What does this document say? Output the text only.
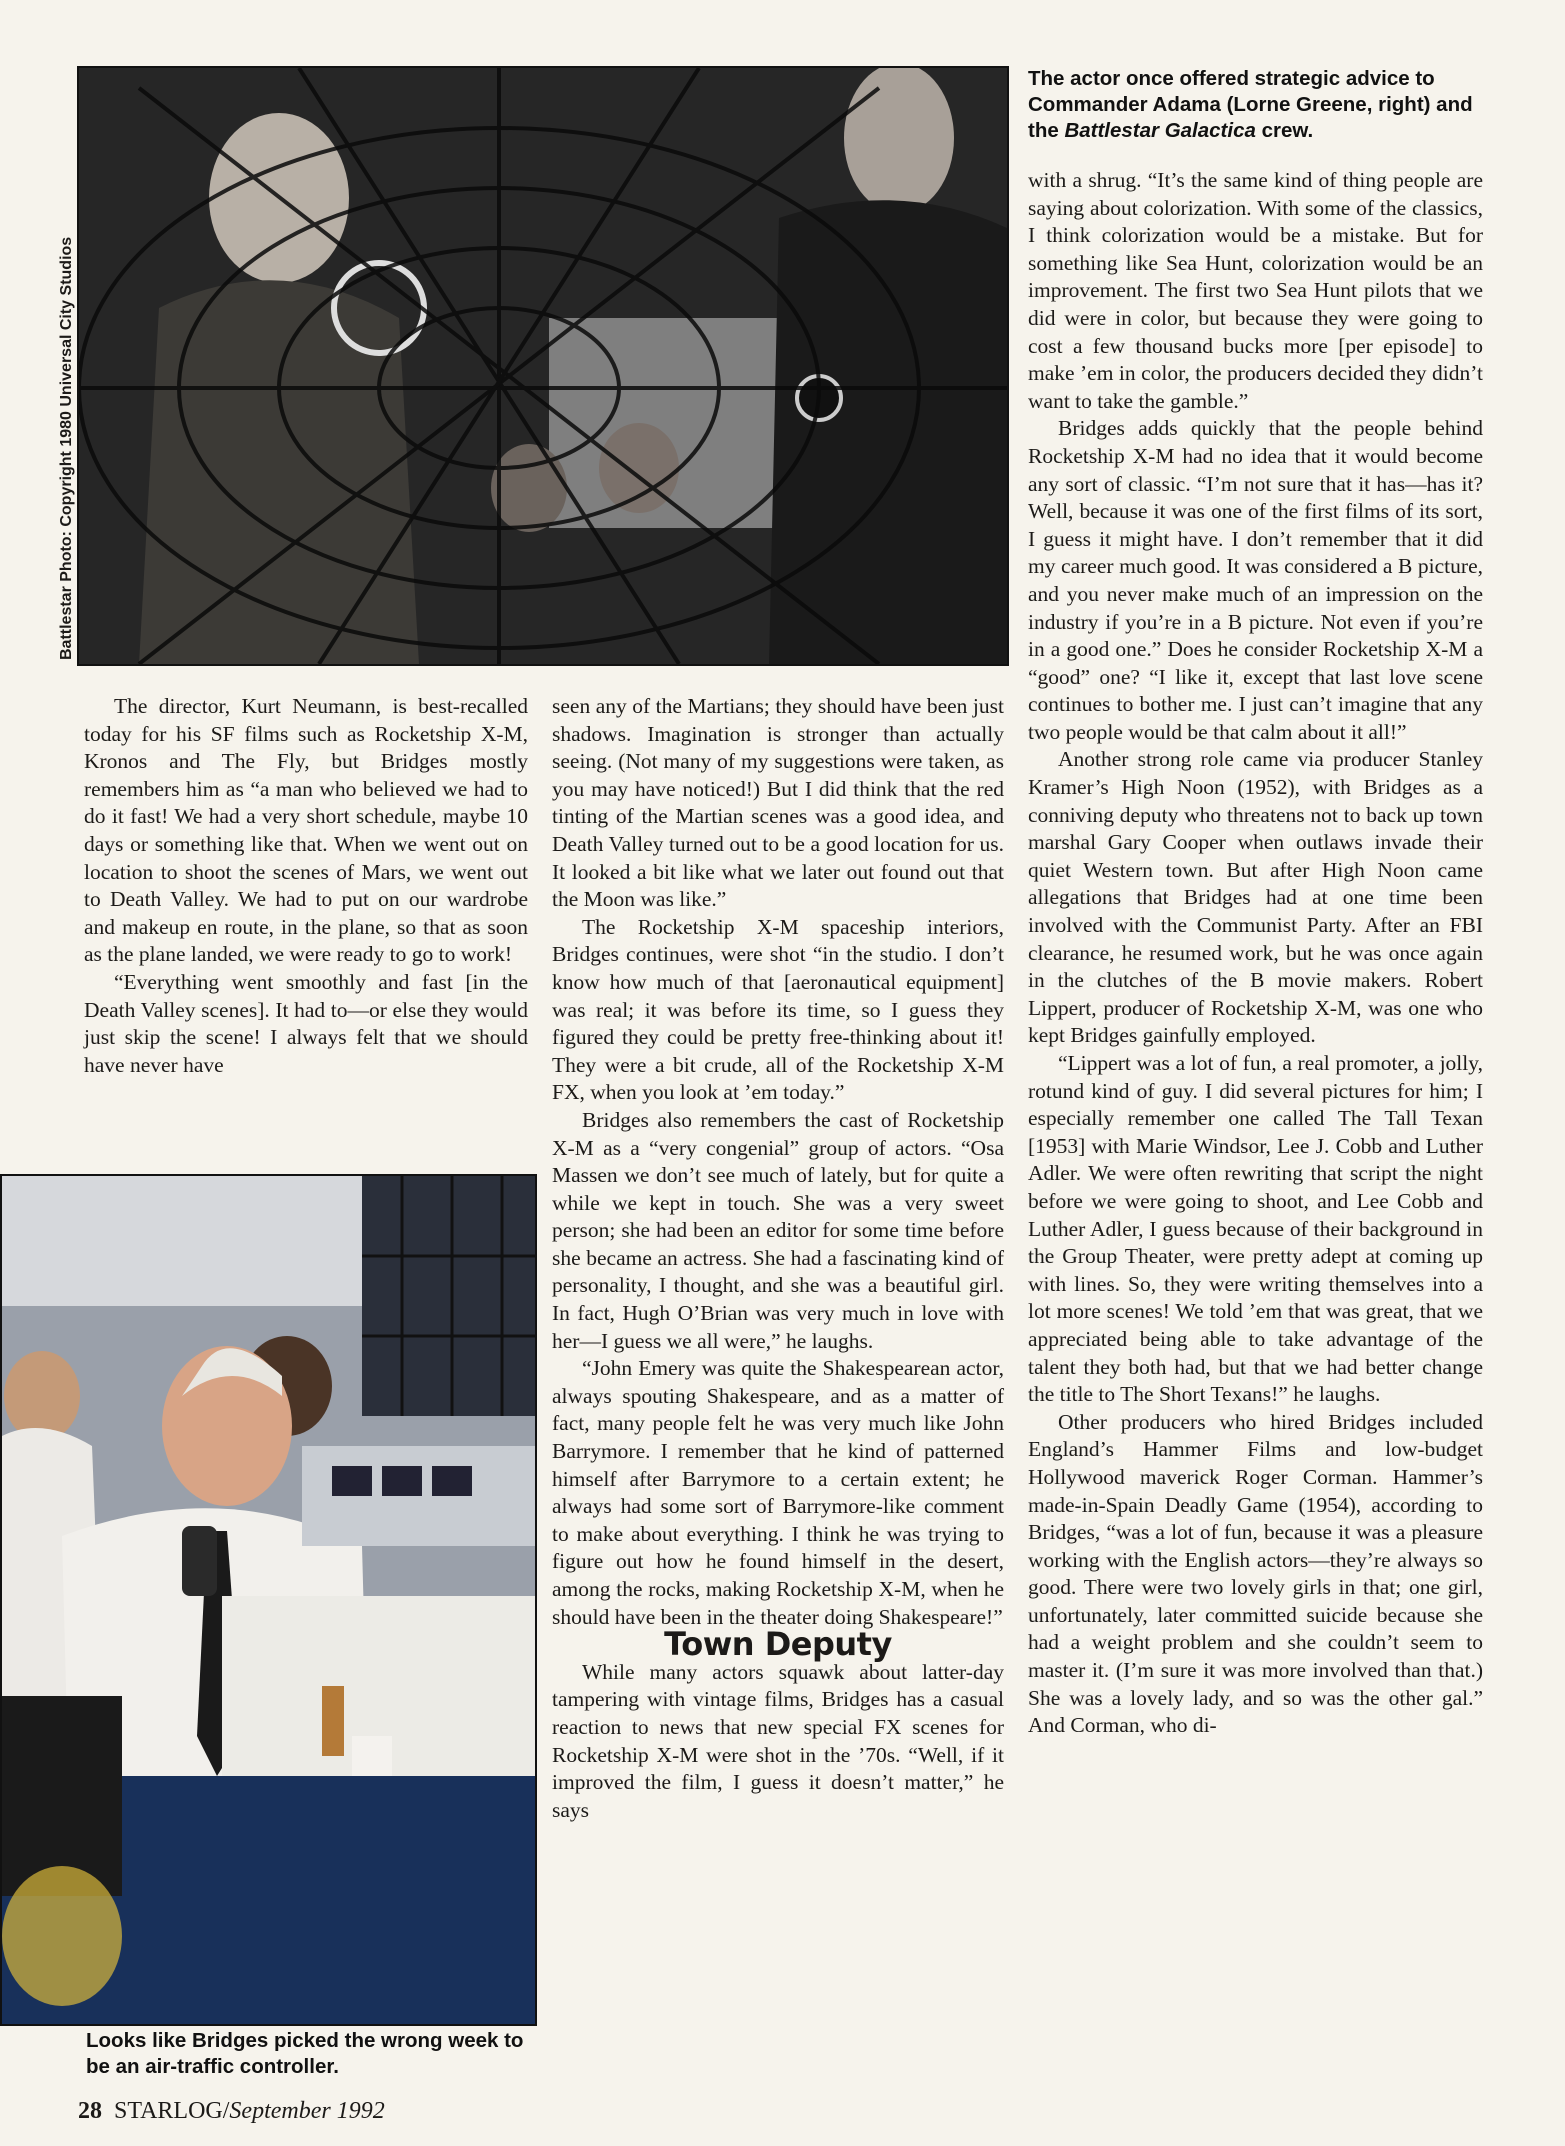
Battlestar Photo: Copyright 1980 Universal City Studios
The actor once offered strategic advice to Commander Adama (Lorne Greene, right) and the Battlestar Galactica crew.
Looks like Bridges picked the wrong week to be an air-traffic controller.

The director, Kurt Neumann, is best-recalled today for his SF films such as Rocketship X-M, Kronos and The Fly, but Bridges mostly remembers him as “a man who believed we had to do it fast! We had a very short schedule, maybe 10 days or something like that. When we went out on location to shoot the scenes of Mars, we went out to Death Valley. We had to put on our wardrobe and makeup en route, in the plane, so that as soon as the plane landed, we were ready to go to work!

“Everything went smoothly and fast [in the Death Valley scenes]. It had to—or else they would just skip the scene! I always felt that we should have never have

seen any of the Martians; they should have been just shadows. Imagination is stronger than actually seeing. (Not many of my suggestions were taken, as you may have noticed!) But I did think that the red tinting of the Martian scenes was a good idea, and Death Valley turned out to be a good location for us. It looked a bit like what we later out found out that the Moon was like.”

The Rocketship X-M spaceship interiors, Bridges continues, were shot “in the studio. I don’t know how much of that [aeronautical equipment] was real; it was before its time, so I guess they figured they could be pretty free-thinking about it! They were a bit crude, all of the Rocketship X-M FX, when you look at ’em today.”

Bridges also remembers the cast of Rocketship X-M as a “very congenial” group of actors. “Osa Massen we don’t see much of lately, but for quite a while we kept in touch. She was a very sweet person; she had been an editor for some time before she became an actress. She had a fascinating kind of personality, I thought, and she was a beautiful girl. In fact, Hugh O’Brian was very much in love with her—I guess we all were,” he laughs.

“John Emery was quite the Shakespearean actor, always spouting Shakespeare, and as a matter of fact, many people felt he was very much like John Barrymore. I remember that he kind of patterned himself after Barrymore to a certain extent; he always had some sort of Barrymore-like comment to make about everything. I think he was trying to figure out how he found himself in the desert, among the rocks, making Rocketship X-M, when he should have been in the theater doing Shakespeare!”

Town Deputy

While many actors squawk about latter-day tampering with vintage films, Bridges has a casual reaction to news that new special FX scenes for Rocketship X-M were shot in the ’70s. “Well, if it improved the film, I guess it doesn’t matter,” he says

with a shrug. “It’s the same kind of thing people are saying about colorization. With some of the classics, I think colorization would be a mistake. But for something like Sea Hunt, colorization would be an improvement. The first two Sea Hunt pilots that we did were in color, but because they were going to cost a few thousand bucks more [per episode] to make ’em in color, the producers decided they didn’t want to take the gamble.”

Bridges adds quickly that the people behind Rocketship X-M had no idea that it would become any sort of classic. “I’m not sure that it has—has it? Well, because it was one of the first films of its sort, I guess it might have. I don’t remember that it did my career much good. It was considered a B picture, and you never make much of an impression on the industry if you’re in a B picture. Not even if you’re in a good one.” Does he consider Rocketship X-M a “good” one? “I like it, except that last love scene continues to bother me. I just can’t imagine that any two people would be that calm about it all!”

Another strong role came via producer Stanley Kramer’s High Noon (1952), with Bridges as a conniving deputy who threatens not to back up town marshal Gary Cooper when outlaws invade their quiet Western town. But after High Noon came allegations that Bridges had at one time been involved with the Communist Party. After an FBI clearance, he resumed work, but he was once again in the clutches of the B movie makers. Robert Lippert, producer of Rocketship X-M, was one who kept Bridges gainfully employed.

“Lippert was a lot of fun, a real promoter, a jolly, rotund kind of guy. I did several pictures for him; I especially remember one called The Tall Texan [1953] with Marie Windsor, Lee J. Cobb and Luther Adler. We were often rewriting that script the night before we were going to shoot, and Lee Cobb and Luther Adler, I guess because of their background in the Group Theater, were pretty adept at coming up with lines. So, they were writing themselves into a lot more scenes! We told ’em that was great, that we appreciated being able to take advantage of the talent they both had, but that we had better change the title to The Short Texans!” he laughs.

Other producers who hired Bridges included England’s Hammer Films and low-budget Hollywood maverick Roger Corman. Hammer’s made-in-Spain Deadly Game (1954), according to Bridges, “was a lot of fun, because it was a pleasure working with the English actors—they’re always so good. There were two lovely girls in that; one girl, unfortunately, later committed suicide because she had a weight problem and she couldn’t seem to master it. (I’m sure it was more involved than that.) She was a lovely lady, and so was the other gal.” And Corman, who di-

28 STARLOG/September 1992
